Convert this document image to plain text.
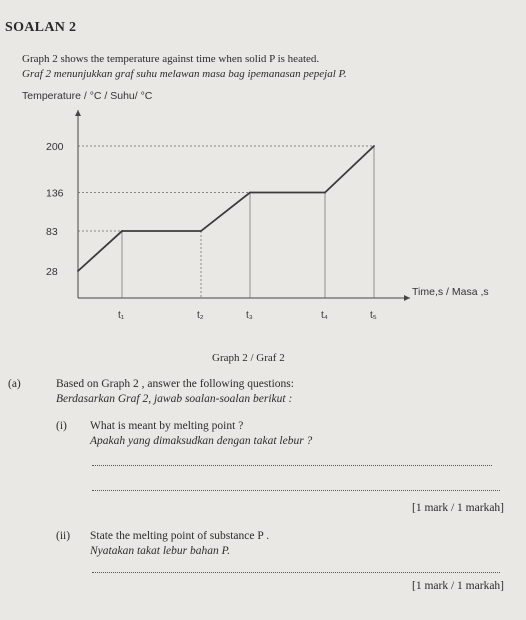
SOALAN 2
Graph 2 shows the temperature against time when solid P is heated.
Graf 2 menunjukkan graf suhu melawan masa bag ipemanasan pepejal P.
Temperature / °C / Suhu/ °C
Time,s / Masa ,s
200
136
83
28
t₁	t₂	t₃	t₄	t₅
Graph 2 / Graf 2
(a)	Based on Graph 2 , answer the following questions:
Berdasarkan Graf 2, jawab soalan-soalan berikut :
(i) What is meant by melting point ?
Apakah yang dimaksudkan dengan takat lebur ?
[1 mark / 1 markah]
(ii) State the melting point of substance P .
Nyatakan takat lebur bahan P.
[1 mark / 1 markah]
